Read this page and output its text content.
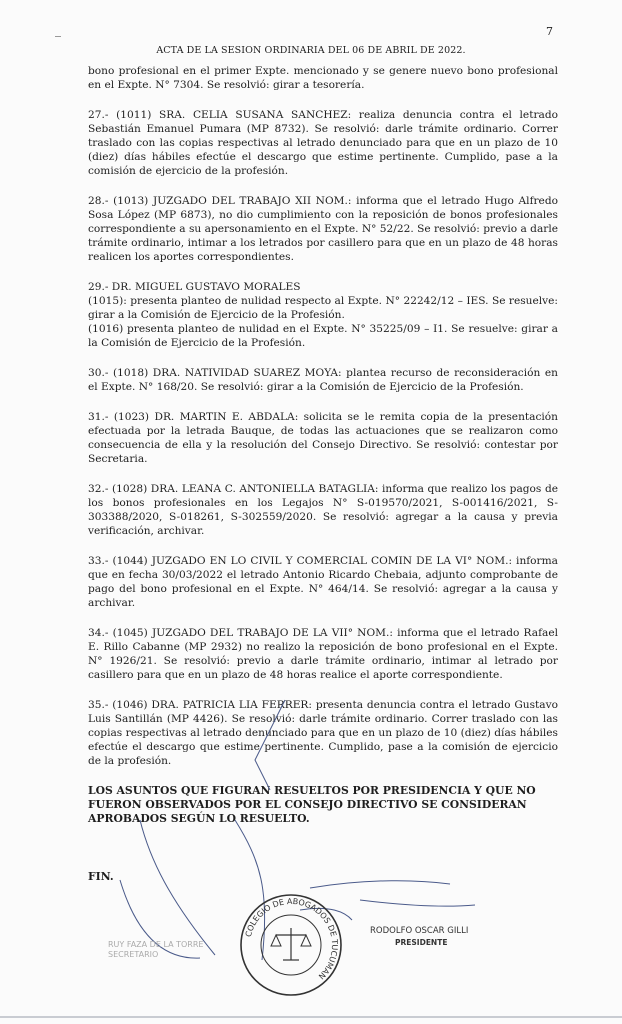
7
ACTA DE LA SESION ORDINARIA DEL 06 DE ABRIL DE 2022.

bono profesional en el primer Expte. mencionado y se genere nuevo bono profesional en el Expte. N° 7304. Se resolvió: girar a tesorería.

27.- (1011) SRA. CELIA SUSANA SANCHEZ: realiza denuncia contra el letrado Sebastián Emanuel Pumara (MP 8732). Se resolvió: darle trámite ordinario. Correr traslado con las copias respectivas al letrado denunciado para que en un plazo de 10 (diez) días hábiles efectúe el descargo que estime pertinente. Cumplido, pase a la comisión de ejercicio de la profesión.

28.- (1013) JUZGADO DEL TRABAJO XII NOM.: informa que el letrado Hugo Alfredo Sosa López (MP 6873), no dio cumplimiento con la reposición de bonos profesionales correspondiente a su apersonamiento en el Expte. N° 52/22. Se resolvió: previo a darle trámite ordinario, intimar a los letrados por casillero para que en un plazo de 48 horas realicen los aportes correspondientes.

29.- DR. MIGUEL GUSTAVO MORALES

(1015): presenta planteo de nulidad respecto al Expte. N° 22242/12 – IES. Se resuelve: girar a la Comisión de Ejercicio de la Profesión.

(1016) presenta planteo de nulidad en el Expte. N° 35225/09 – I1. Se resuelve: girar a la Comisión de Ejercicio de la Profesión.

30.- (1018) DRA. NATIVIDAD SUAREZ MOYA: plantea recurso de reconsideración en el Expte. N° 168/20. Se resolvió: girar a la Comisión de Ejercicio de la Profesión.

31.- (1023) DR. MARTIN E. ABDALA: solicita se le remita copia de la presentación efectuada por la letrada Bauque, de todas las actuaciones que se realizaron como consecuencia de ella y la resolución del Consejo Directivo. Se resolvió: contestar por Secretaria.

32.- (1028) DRA. LEANA C. ANTONIELLA BATAGLIA: informa que realizo los pagos de los bonos profesionales en los Legajos N° S-019570/2021, S-001416/2021, S-303388/2020, S-018261, S-302559/2020. Se resolvió: agregar a la causa y previa verificación, archivar.

33.- (1044) JUZGADO EN LO CIVIL Y COMERCIAL COMIN DE LA VI° NOM.: informa que en fecha 30/03/2022 el letrado Antonio Ricardo Chebaia, adjunto comprobante de pago del bono profesional en el Expte. N° 464/14. Se resolvió: agregar a la causa y archivar.

34.- (1045) JUZGADO DEL TRABAJO DE LA VII° NOM.: informa que el letrado Rafael E. Rillo Cabanne (MP 2932) no realizo la reposición de bono profesional en el Expte. N° 1926/21. Se resolvió: previo a darle trámite ordinario, intimar al letrado por casillero para que en un plazo de 48 horas realice el aporte correspondiente.

35.- (1046) DRA. PATRICIA LIA FERRER: presenta denuncia contra el letrado Gustavo Luis Santillán (MP 4426). Se resolvió: darle trámite ordinario. Correr traslado con las copias respectivas al letrado denunciado para que en un plazo de 10 (diez) días hábiles efectúe el descargo que estime pertinente. Cumplido, pase a la comisión de ejercicio de la profesión.

LOS ASUNTOS QUE FIGURAN RESUELTOS POR PRESIDENCIA Y QUE NO FUERON OBSERVADOS POR EL CONSEJO DIRECTIVO SE CONSIDERAN APROBADOS SEGÚN LO RESUELTO.

FIN.
RUY FAZA DE LA TORRE
SECRETARIO
COLEGIO DE ABOGADOS DE TUCUMAN
RODOLFO OSCAR GILLI
PRESIDENTE
